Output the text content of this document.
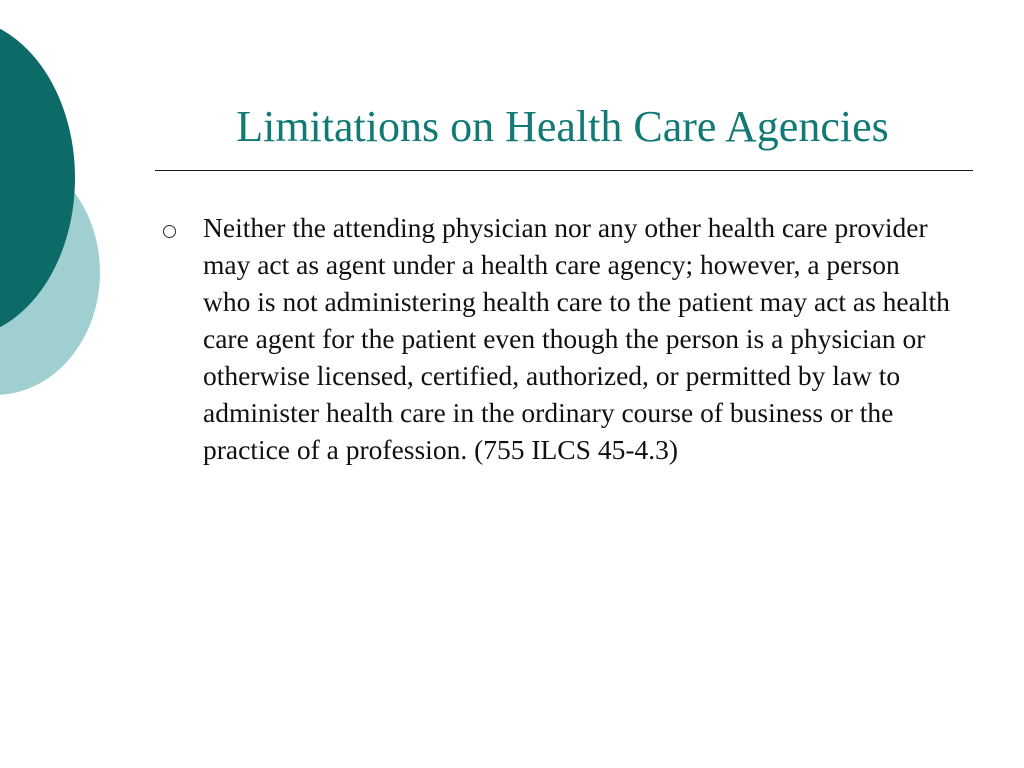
Limitations on Health Care Agencies
Neither the attending physician nor any other health care provider may act as agent under a health care agency; however, a person who is not administering health care to the patient may act as health care agent for the patient even though the person is a physician or otherwise licensed, certified, authorized, or permitted by law to administer health care in the ordinary course of business or the practice of a profession. (755 ILCS 45-4.3)
